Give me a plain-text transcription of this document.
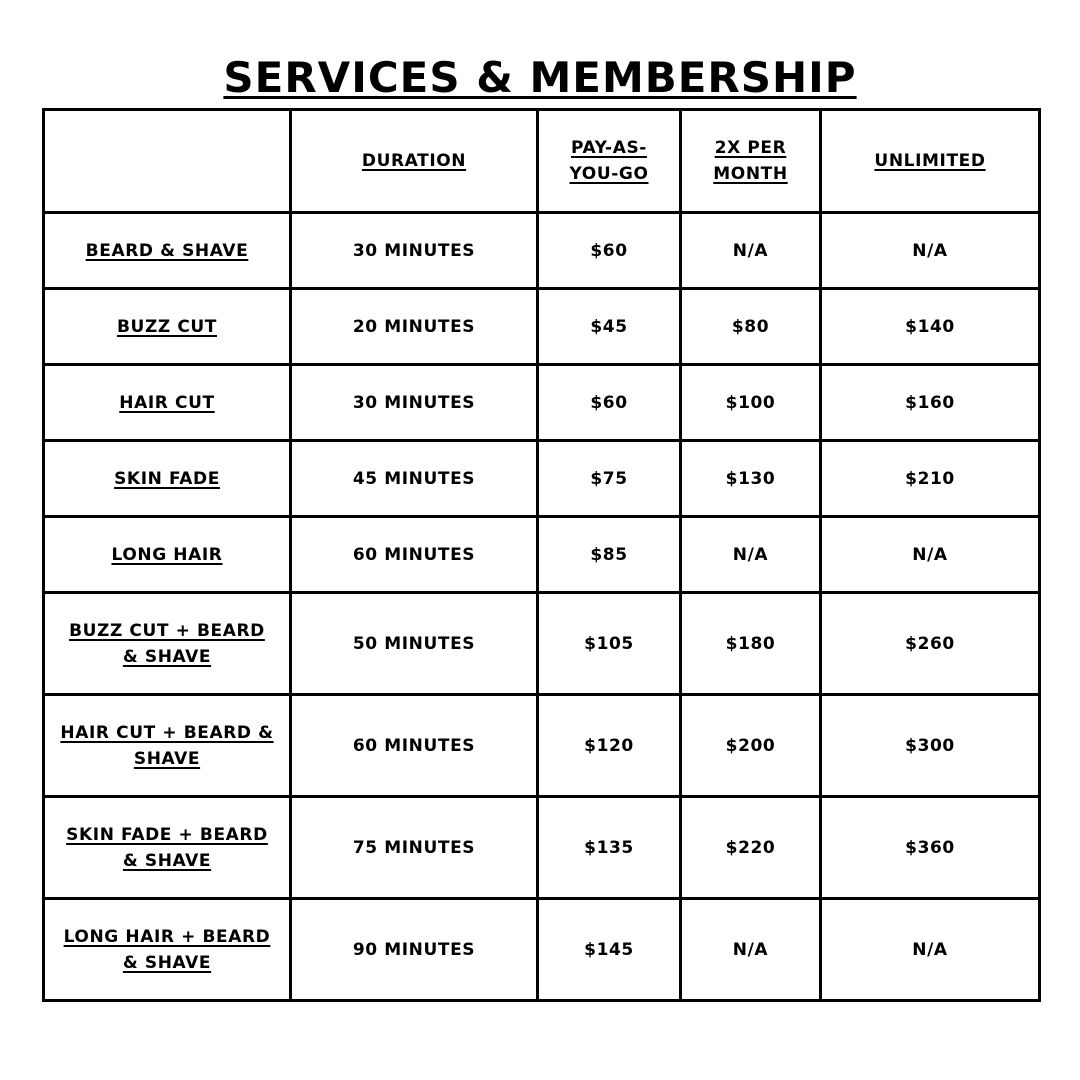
SERVICES & MEMBERSHIP
	DURATION	PAY-AS-YOU-GO	2X PER MONTH	UNLIMITED
BEARD & SHAVE	30 MINUTES	$60	N/A	N/A
BUZZ CUT	20 MINUTES	$45	$80	$140
HAIR CUT	30 MINUTES	$60	$100	$160
SKIN FADE	45 MINUTES	$75	$130	$210
LONG HAIR	60 MINUTES	$85	N/A	N/A
BUZZ CUT + BEARD & SHAVE	50 MINUTES	$105	$180	$260
HAIR CUT + BEARD & SHAVE	60 MINUTES	$120	$200	$300
SKIN FADE + BEARD & SHAVE	75 MINUTES	$135	$220	$360
LONG HAIR + BEARD & SHAVE	90 MINUTES	$145	N/A	N/A
